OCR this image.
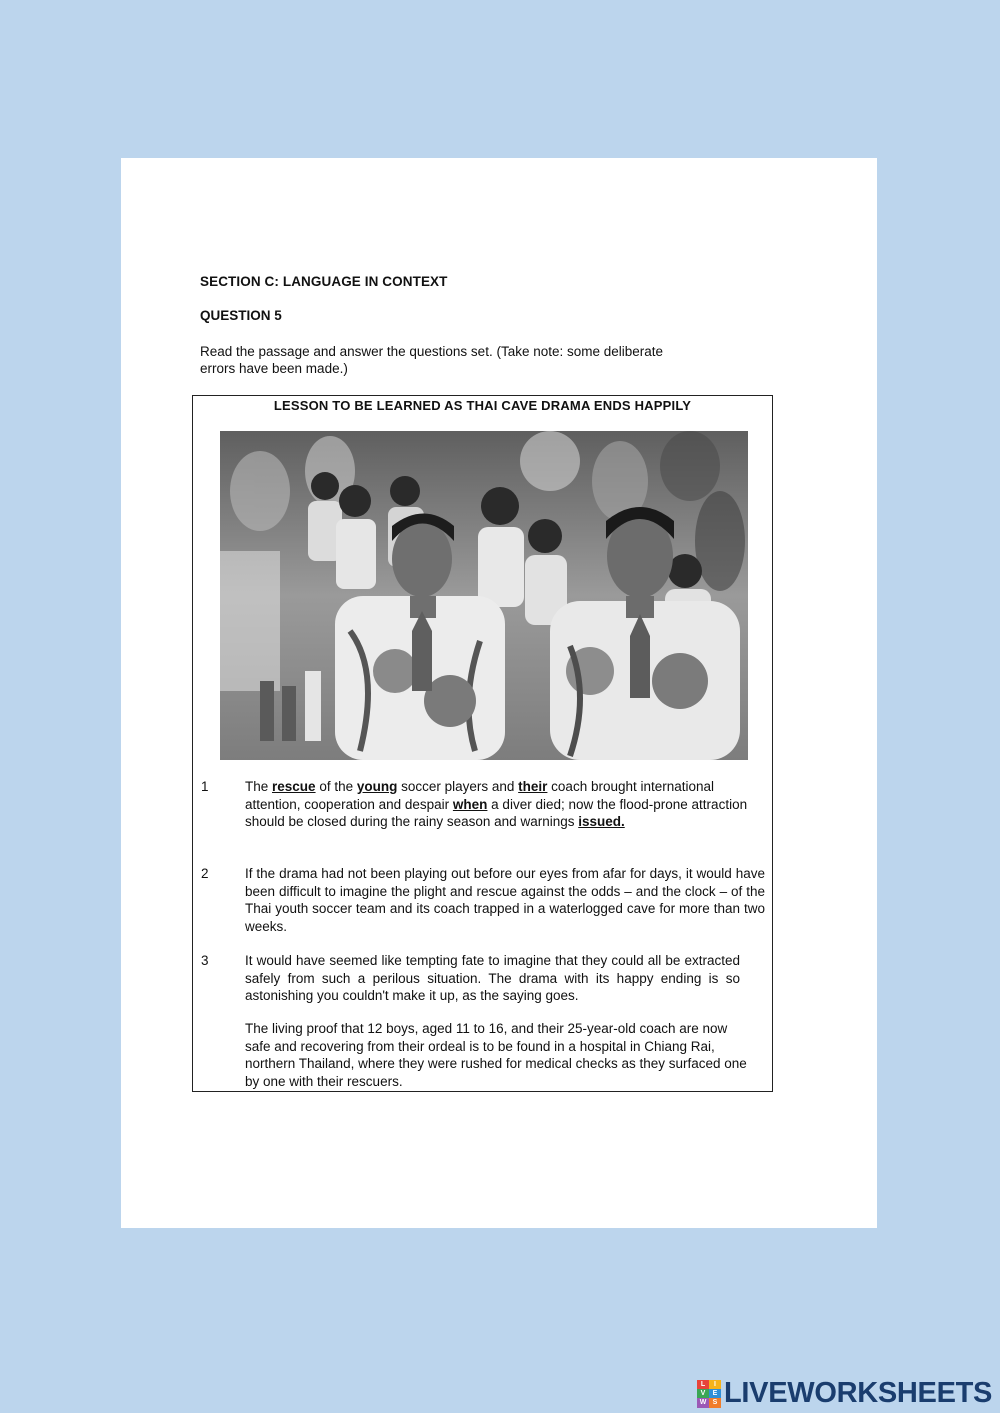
SECTION C: LANGUAGE IN CONTEXT
QUESTION 5
Read the passage and answer the questions set. (Take note: some deliberate
errors have been made.)
LESSON TO BE LEARNED AS THAI CAVE DRAMA ENDS HAPPILY
1	The rescue of the young soccer players and their coach brought international attention, cooperation and despair when a diver died; now the flood-prone attraction should be closed during the rainy season and warnings issued.
2	If the drama had not been playing out before our eyes from afar for days, it would have been difficult to imagine the plight and rescue against the odds – and the clock – of the Thai youth soccer team and its coach trapped in a waterlogged cave for more than two weeks.
3	It would have seemed like tempting fate to imagine that they could all be extracted safely from such a perilous situation. The drama with its happy ending is so astonishing you couldn't make it up, as the saying goes.
The living proof that 12 boys, aged 11 to 16, and their 25-year-old coach are now safe and recovering from their ordeal is to be found in a hospital in Chiang Rai, northern Thailand, where they were rushed for medical checks as they surfaced one by one with their rescuers.
L	I
V	E
W S LIVEWORKSHEETS
